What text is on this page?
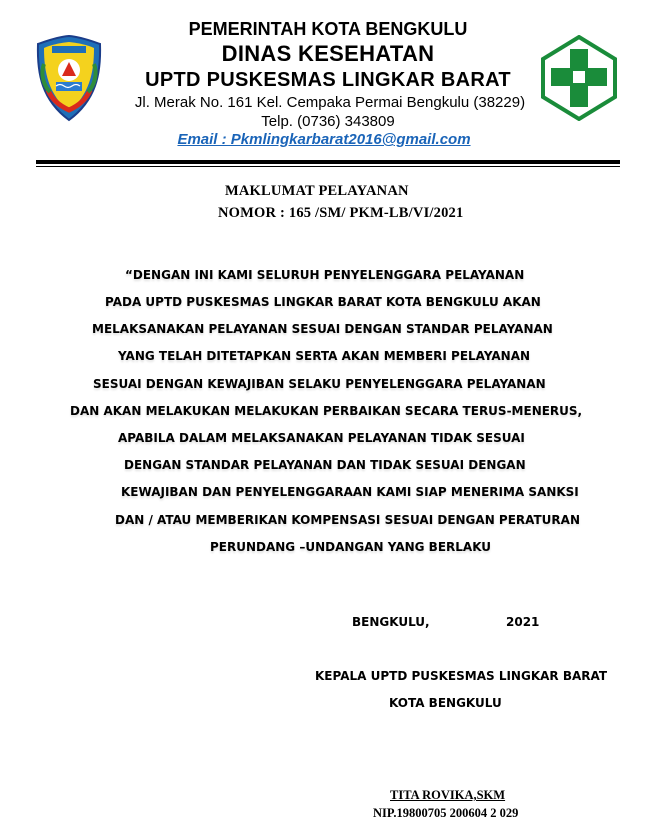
PEMERINTAH KOTA BENGKULU
DINAS KESEHATAN
UPTD PUSKESMAS LINGKAR BARAT
Jl. Merak No. 161 Kel. Cempaka Permai Bengkulu (38229)
Telp. (0736) 343809
Email : Pkmlingkarbarat2016@gmail.com
MAKLUMAT PELAYANAN
NOMOR : 165 /SM/ PKM-LB/VI/2021
“DENGAN INI KAMI SELURUH PENYELENGGARA PELAYANAN
PADA UPTD PUSKESMAS LINGKAR BARAT KOTA BENGKULU AKAN
MELAKSANAKAN PELAYANAN SESUAI DENGAN STANDAR PELAYANAN
YANG TELAH DITETAPKAN SERTA AKAN MEMBERI PELAYANAN
SESUAI DENGAN KEWAJIBAN SELAKU PENYELENGGARA PELAYANAN
DAN AKAN MELAKUKAN MELAKUKAN PERBAIKAN SECARA TERUS-MENERUS,
APABILA DALAM MELAKSANAKAN PELAYANAN TIDAK SESUAI
DENGAN STANDAR PELAYANAN DAN TIDAK SESUAI DENGAN
KEWAJIBAN DAN PENYELENGGARAAN KAMI SIAP MENERIMA SANKSI
DAN / ATAU MEMBERIKAN KOMPENSASI SESUAI DENGAN PERATURAN
PERUNDANG –UNDANGAN YANG BERLAKU
BENGKULU,	2021
KEPALA UPTD PUSKESMAS LINGKAR BARAT
KOTA BENGKULU
TITA ROVIKA,SKM
NIP.19800705 200604 2 029
